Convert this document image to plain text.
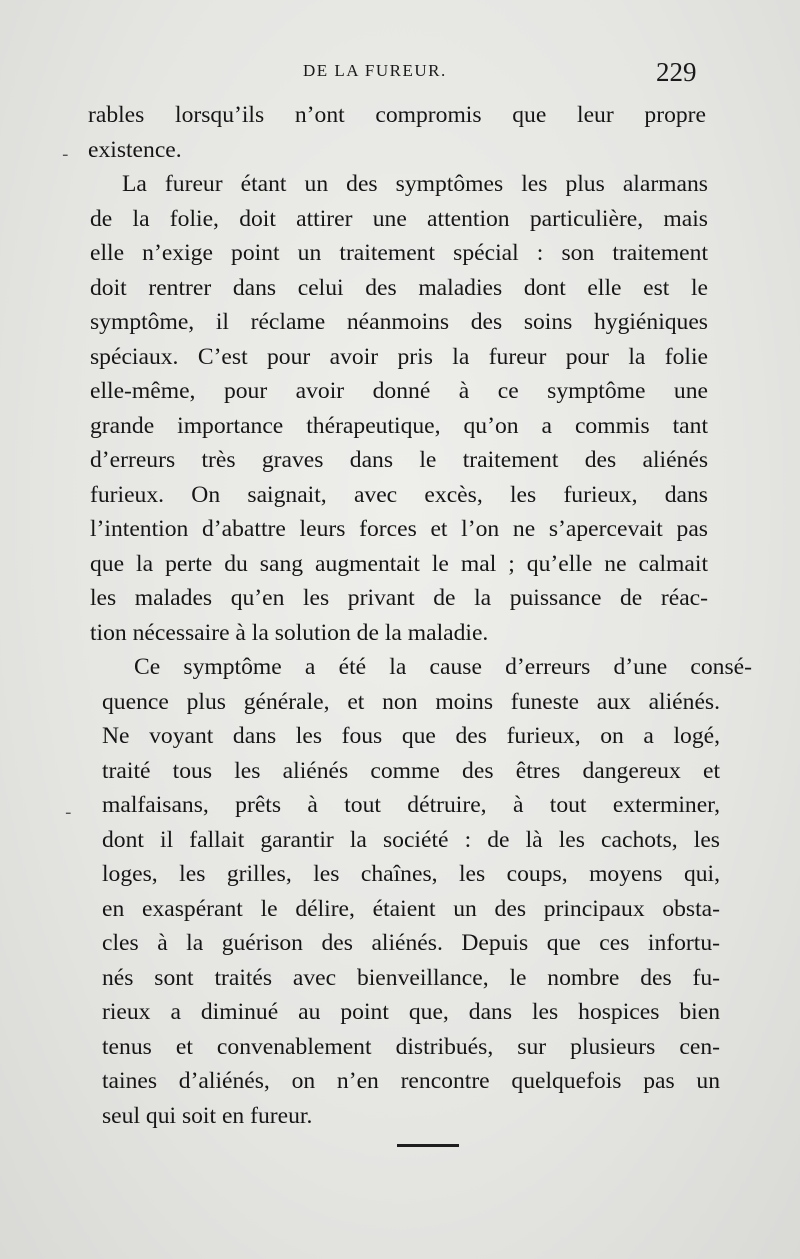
DE LA FUREUR.	229
-
-
rables lorsqu’ils n’ont compromis que leur propre
existence.
La fureur étant un des symptômes les plus alarmans
de la folie, doit attirer une attention particulière, mais
elle n’exige point un traitement spécial : son traitement
doit rentrer dans celui des maladies dont elle est le
symptôme, il réclame néanmoins des soins hygiéniques
spéciaux. C’est pour avoir pris la fureur pour la folie
elle-même, pour avoir donné à ce symptôme une
grande importance thérapeutique, qu’on a commis tant
d’erreurs très graves dans le traitement des aliénés
furieux. On saignait, avec excès, les furieux, dans
l’intention d’abattre leurs forces et l’on ne s’apercevait pas
que la perte du sang augmentait le mal ; qu’elle ne calmait
les malades qu’en les privant de la puissance de réac-
tion nécessaire à la solution de la maladie.
Ce symptôme a été la cause d’erreurs d’une consé-
quence plus générale, et non moins funeste aux aliénés.
Ne voyant dans les fous que des furieux, on a logé,
traité tous les aliénés comme des êtres dangereux et
malfaisans, prêts à tout détruire, à tout exterminer,
dont il fallait garantir la société : de là les cachots, les
loges, les grilles, les chaînes, les coups, moyens qui,
en exaspérant le délire, étaient un des principaux obsta-
cles à la guérison des aliénés. Depuis que ces infortu-
nés sont traités avec bienveillance, le nombre des fu-
rieux a diminué au point que, dans les hospices bien
tenus et convenablement distribués, sur plusieurs cen-
taines d’aliénés, on n’en rencontre quelquefois pas un
seul qui soit en fureur.
